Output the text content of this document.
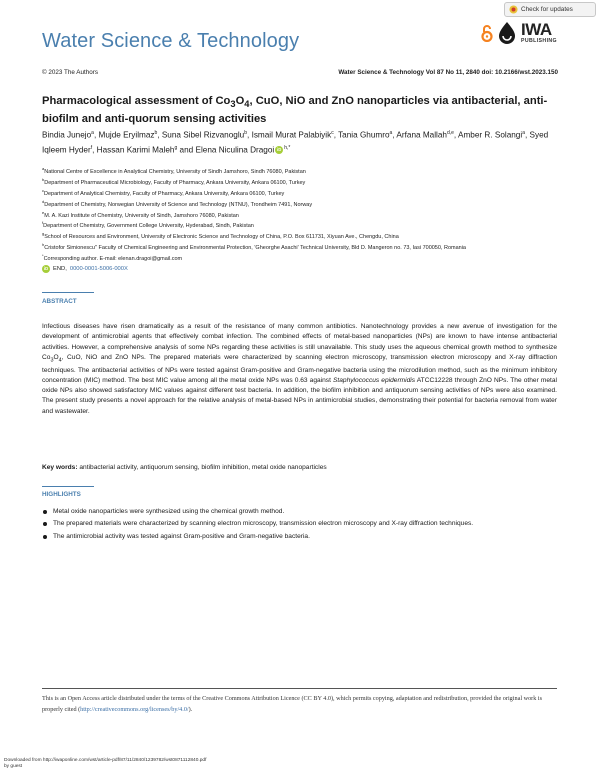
Check for updates
Water Science & Technology
IWA
PUBLISHING
© 2023 The Authors	Water Science & Technology Vol 87 No 11, 2840 doi: 10.2166/wst.2023.150
Pharmacological assessment of $Co_3O_4$, CuO, NiO and ZnO nanoparticles via antibacterial, anti-biofilm and anti-quorum sensing activities
Bindia Junejo$^a$, Mujde Eryilmaz$^b$, Suna Sibel Rizvanoglu$^b$, Ismail Murat Palabiyik$^c$, Tania Ghumro$^a$, Arfana Mallah$^{d,e}$, Amber R. Solangi$^a$, Syed Iqleem Hyder$^f$, Hassan Karimi Maleh$^g$ and Elena Niculina Dragoi iD $^{h,*}$
$^a$National Centre of Excellence in Analytical Chemistry, University of Sindh Jamshoro, Sindh 76080, Pakistan
$^b$Department of Pharmaceutical Microbiology, Faculty of Pharmacy, Ankara University, Ankara 06100, Turkey
$^c$Department of Analytical Chemistry, Faculty of Pharmacy, Ankara University, Ankara 06100, Turkey
$^d$Department of Chemistry, Norwegian University of Science and Technology (NTNU), Trondheim 7491, Norway
$^e$M. A. Kazi Institute of Chemistry, University of Sindh, Jamshoro 76080, Pakistan
$^f$Department of Chemistry, Government College University, Hyderabad, Sindh, Pakistan
$^g$School of Resources and Environment, University of Electronic Science and Technology of China, P.O. Box 611731, Xiyuan Ave., Chengdu, China
$^h$Cristofor Simionescu" Faculty of Chemical Engineering and Environmental Protection, 'Gheorghe Asachi' Technical University, Bld D. Mangeron no. 73, Iasi 700050, Romania
*Corresponding author. E-mail: elenan.dragoi@gmail.com
iD END, 0000-0001-5006-000X
ABSTRACT

Infectious diseases have risen dramatically as a result of the resistance of many common antibiotics. Nanotechnology provides a new avenue of investigation for the development of antimicrobial agents that effectively combat infection. The combined effects of metal-based nanoparticles (NPs) are known to have intense antibacterial activities. However, a comprehensive analysis of some NPs regarding these activities is still unavailable. This study uses the aqueous chemical growth method to synthesize $Co_3O_4$, CuO, NiO and ZnO NPs. The prepared materials were characterized by scanning electron microscopy, transmission electron microscopy and X-ray diffraction techniques. The antibacterial activities of NPs were tested against Gram-positive and Gram-negative bacteria using the microdilution method, such as the minimum inhibitory concentration (MIC) method. The best MIC value among all the metal oxide NPs was 0.63 against Staphylococcus epidermidis ATCC12228 through ZnO NPs. The other metal oxide NPs also showed satisfactory MIC values against different test bacteria. In addition, the biofilm inhibition and antiquorum sensing activities of NPs were also examined. The present study presents a novel approach for the relative analysis of metal-based NPs in antimicrobial studies, demonstrating their potential for bacteria removal from water and wastewater.

Key words: antibacterial activity, antiquorum sensing, biofilm inhibition, metal oxide nanoparticles
HIGHLIGHTS
Metal oxide nanoparticles were synthesized using the chemical growth method.
The prepared materials were characterized by scanning electron microscopy, transmission electron microscopy and X-ray diffraction techniques.
The antimicrobial activity was tested against Gram-positive and Gram-negative bacteria.

This is an Open Access article distributed under the terms of the Creative Commons Attribution Licence (CC BY 4.0), which permits copying, adaptation and redistribution, provided the original work is properly cited (http://creativecommons.org/licenses/by/4.0/).

Downloaded from http://iwaponline.com/wst/article-pdf/87/11/2840/1239782/wst0871112840.pdf
by guest
